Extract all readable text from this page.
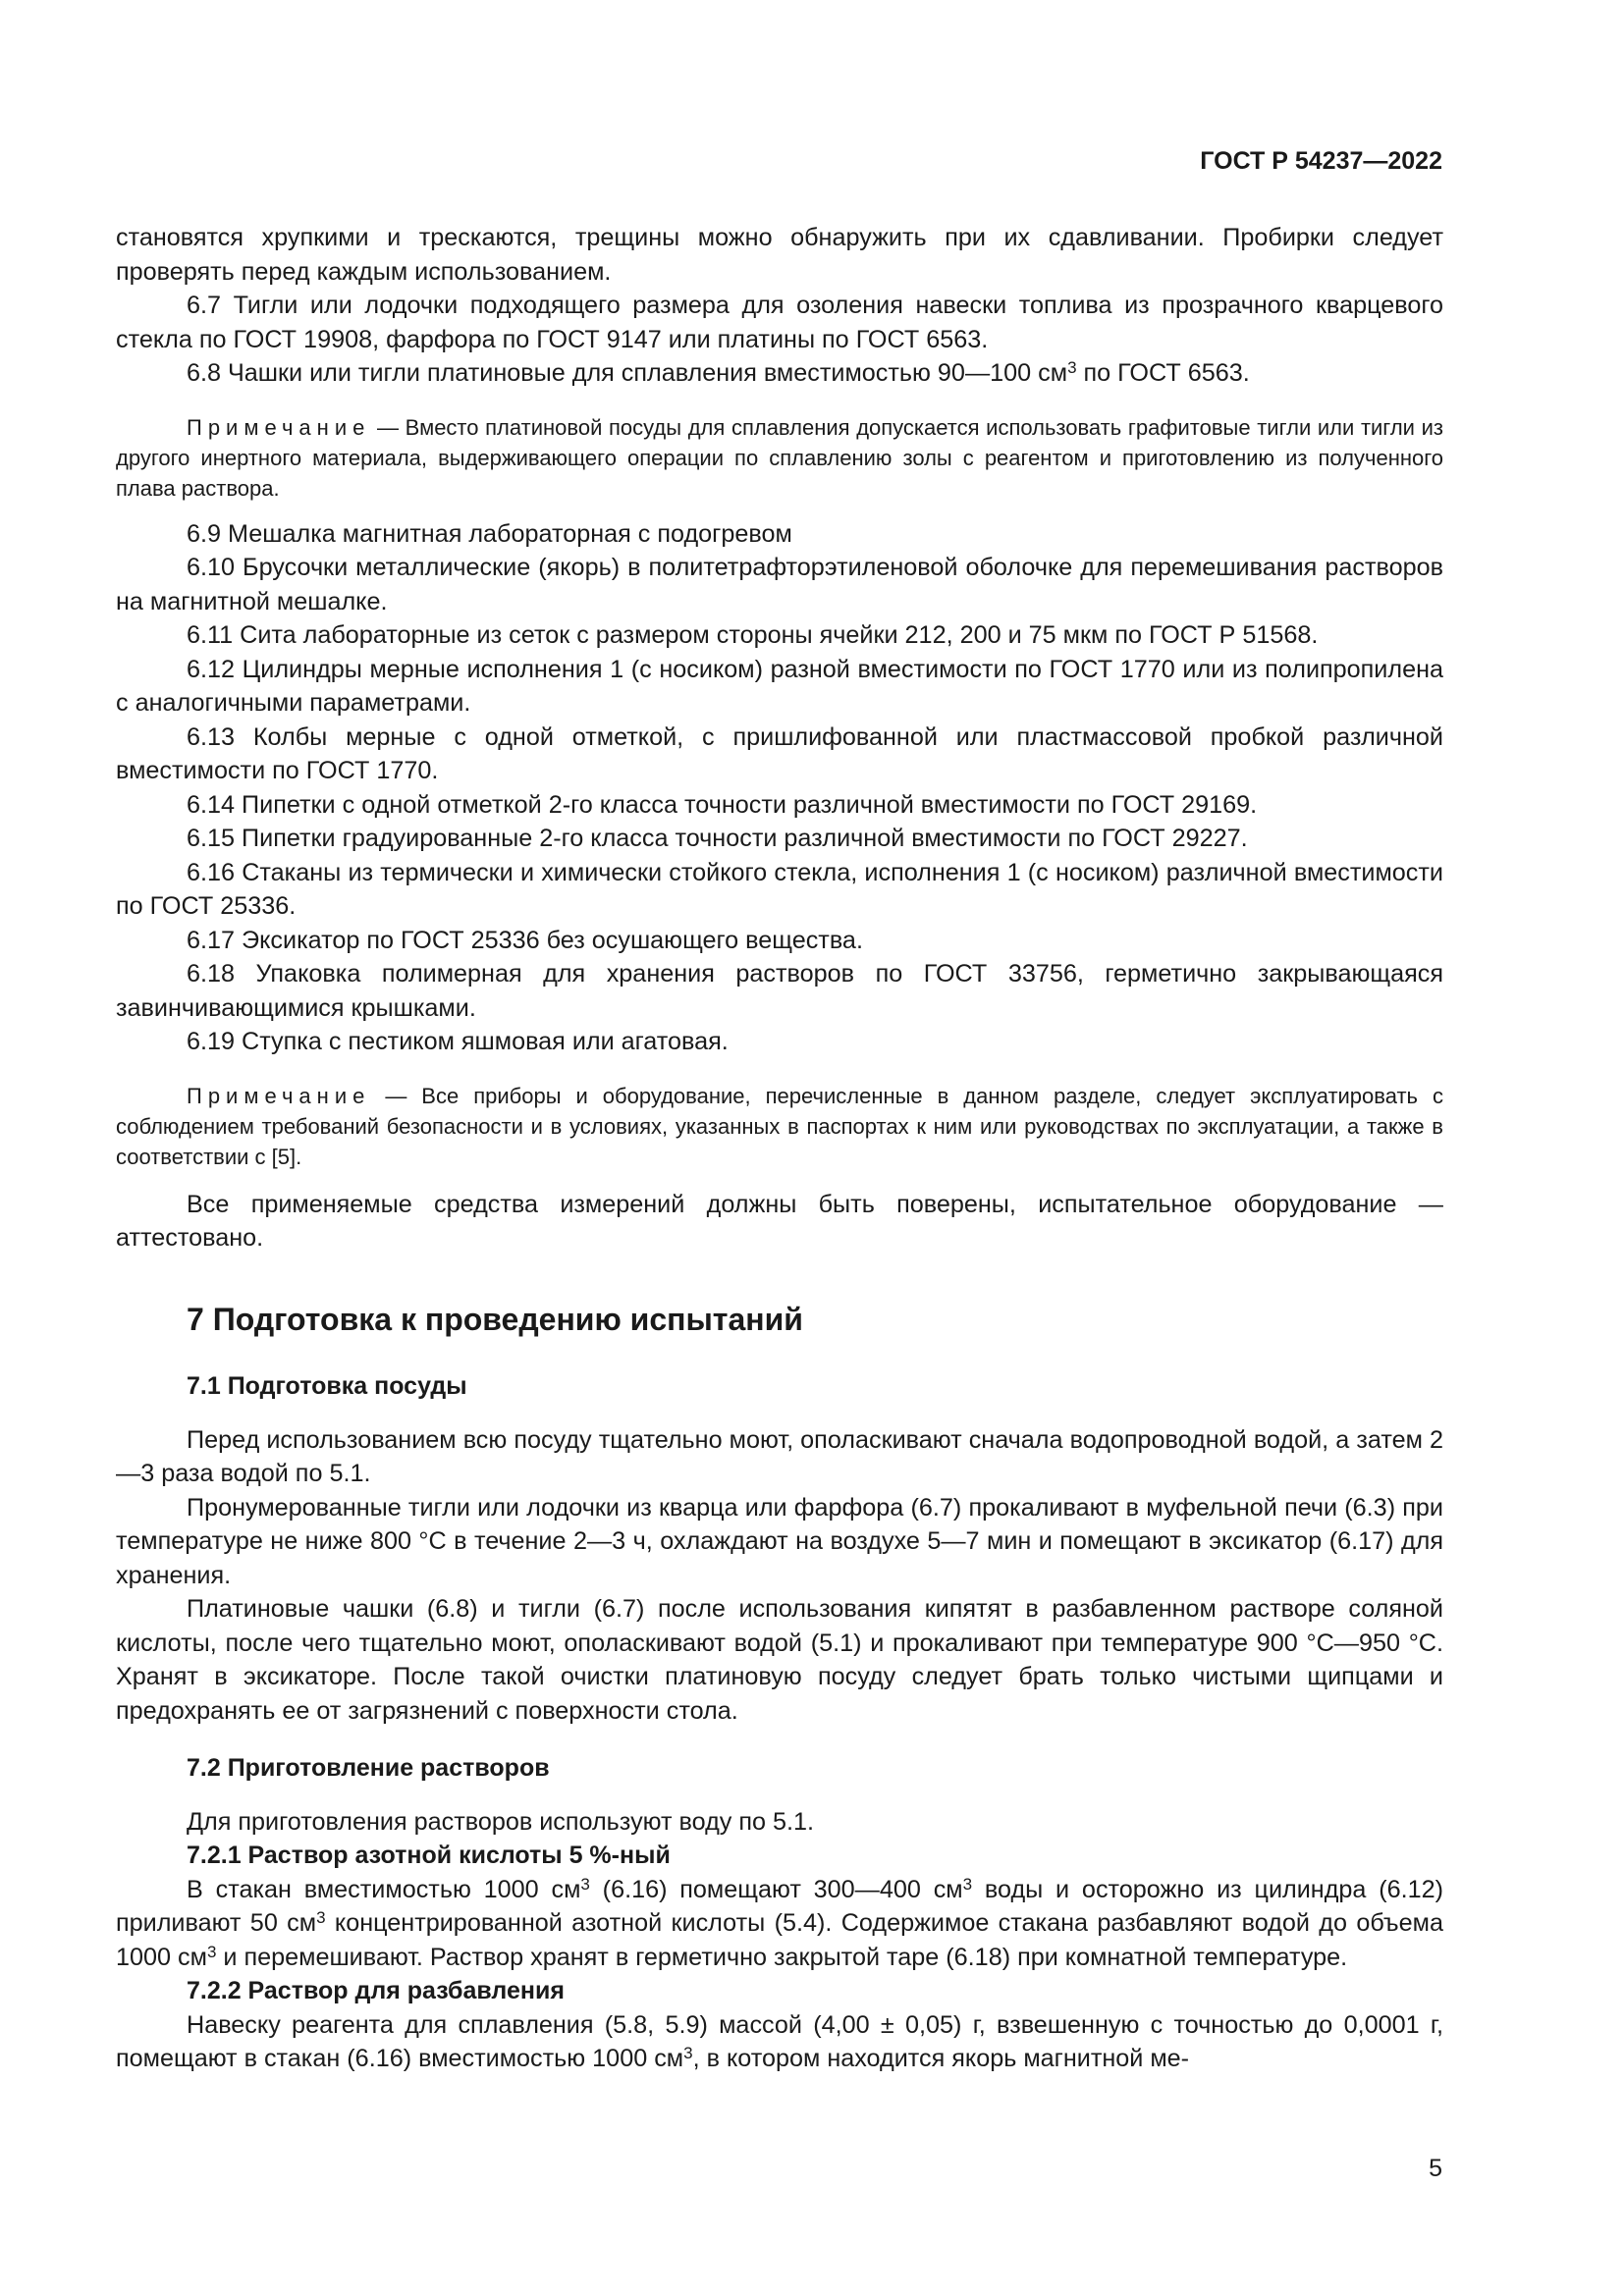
ГОСТ Р 54237—2022

становятся хрупкими и трескаются, трещины можно обнаружить при их сдавливании. Пробирки следует проверять перед каждым использованием.

6.7 Тигли или лодочки подходящего размера для озоления навески топлива из прозрачного кварцевого стекла по ГОСТ 19908, фарфора по ГОСТ 9147 или платины по ГОСТ 6563.

6.8 Чашки или тигли платиновые для сплавления вместимостью 90—100 $см^3$ по ГОСТ 6563.

Примечание — Вместо платиновой посуды для сплавления допускается использовать графитовые тигли или тигли из другого инертного материала, выдерживающего операции по сплавлению золы с реагентом и приготовлению из полученного плава раствора.

6.9 Мешалка магнитная лабораторная с подогревом

6.10 Брусочки металлические (якорь) в политетрафторэтиленовой оболочке для перемешивания растворов на магнитной мешалке.

6.11 Сита лабораторные из сеток с размером стороны ячейки 212, 200 и 75 мкм по ГОСТ Р 51568.

6.12 Цилиндры мерные исполнения 1 (с носиком) разной вместимости по ГОСТ 1770 или из полипропилена с аналогичными параметрами.

6.13 Колбы мерные с одной отметкой, с пришлифованной или пластмассовой пробкой различной вместимости по ГОСТ 1770.

6.14 Пипетки с одной отметкой 2-го класса точности различной вместимости по ГОСТ 29169.

6.15 Пипетки градуированные 2-го класса точности различной вместимости по ГОСТ 29227.

6.16 Стаканы из термически и химически стойкого стекла, исполнения 1 (с носиком) различной вместимости по ГОСТ 25336.

6.17 Эксикатор по ГОСТ 25336 без осушающего вещества.

6.18 Упаковка полимерная для хранения растворов по ГОСТ 33756, герметично закрывающаяся завинчивающимися крышками.

6.19 Ступка с пестиком яшмовая или агатовая.

Примечание — Все приборы и оборудование, перечисленные в данном разделе, следует эксплуатировать с соблюдением требований безопасности и в условиях, указанных в паспортах к ним или руководствах по эксплуатации, а также в соответствии с [5].

Все применяемые средства измерений должны быть поверены, испытательное оборудование — аттестовано.

7 Подготовка к проведению испытаний

7.1 Подготовка посуды

Перед использованием всю посуду тщательно моют, ополаскивают сначала водопроводной водой, а затем 2—3 раза водой по 5.1.

Пронумерованные тигли или лодочки из кварца или фарфора (6.7) прокаливают в муфельной печи (6.3) при температуре не ниже 800 °С в течение 2—3 ч, охлаждают на воздухе 5—7 мин и помещают в эксикатор (6.17) для хранения.

Платиновые чашки (6.8) и тигли (6.7) после использования кипятят в разбавленном растворе соляной кислоты, после чего тщательно моют, ополаскивают водой (5.1) и прокаливают при температуре 900 °С—950 °С. Хранят в эксикаторе. После такой очистки платиновую посуду следует брать только чистыми щипцами и предохранять ее от загрязнений с поверхности стола.

7.2 Приготовление растворов

Для приготовления растворов используют воду по 5.1.

7.2.1 Раствор азотной кислоты 5 %-ный

В стакан вместимостью 1000 $см^3$ (6.16) помещают 300—400 $см^3$ воды и осторожно из цилиндра (6.12) приливают 50 $см^3$ концентрированной азотной кислоты (5.4). Содержимое стакана разбавляют водой до объема 1000 $см^3$ и перемешивают. Раствор хранят в герметично закрытой таре (6.18) при комнатной температуре.

7.2.2 Раствор для разбавления

Навеску реагента для сплавления (5.8, 5.9) массой (4,00 ± 0,05) г, взвешенную с точностью до 0,0001 г, помещают в стакан (6.16) вместимостью 1000 $см^3$, в котором находится якорь магнитной ме-

5
